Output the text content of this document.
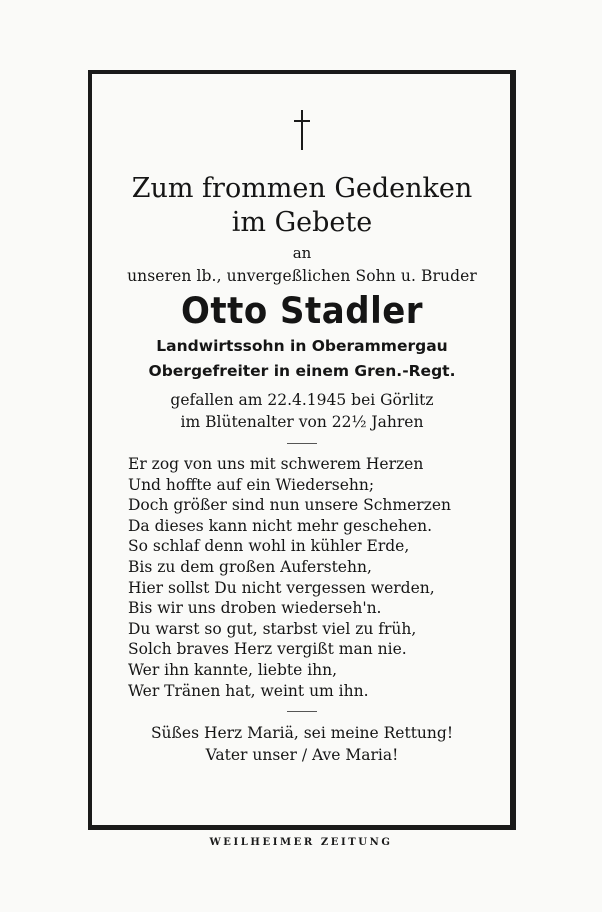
Zum frommen Gedenken
im Gebete
an
unseren lb., unvergeßlichen Sohn u. Bruder
Otto Stadler
Landwirtssohn in Oberammergau
Obergefreiter in einem Gren.-Regt.
gefallen am 22.4.1945 bei Görlitz
im Blütenalter von 22½ Jahren
Er zog von uns mit schwerem Herzen
Und hoffte auf ein Wiedersehn;
Doch größer sind nun unsere Schmerzen
Da dieses kann nicht mehr geschehen.
So schlaf denn wohl in kühler Erde,
Bis zu dem großen Auferstehn,
Hier sollst Du nicht vergessen werden,
Bis wir uns droben wiederseh'n.
Du warst so gut, starbst viel zu früh,
Solch braves Herz vergißt man nie.
Wer ihn kannte, liebte ihn,
Wer Tränen hat, weint um ihn.
Süßes Herz Mariä, sei meine Rettung!
Vater unser / Ave Maria!
WEILHEIMER ZEITUNG
